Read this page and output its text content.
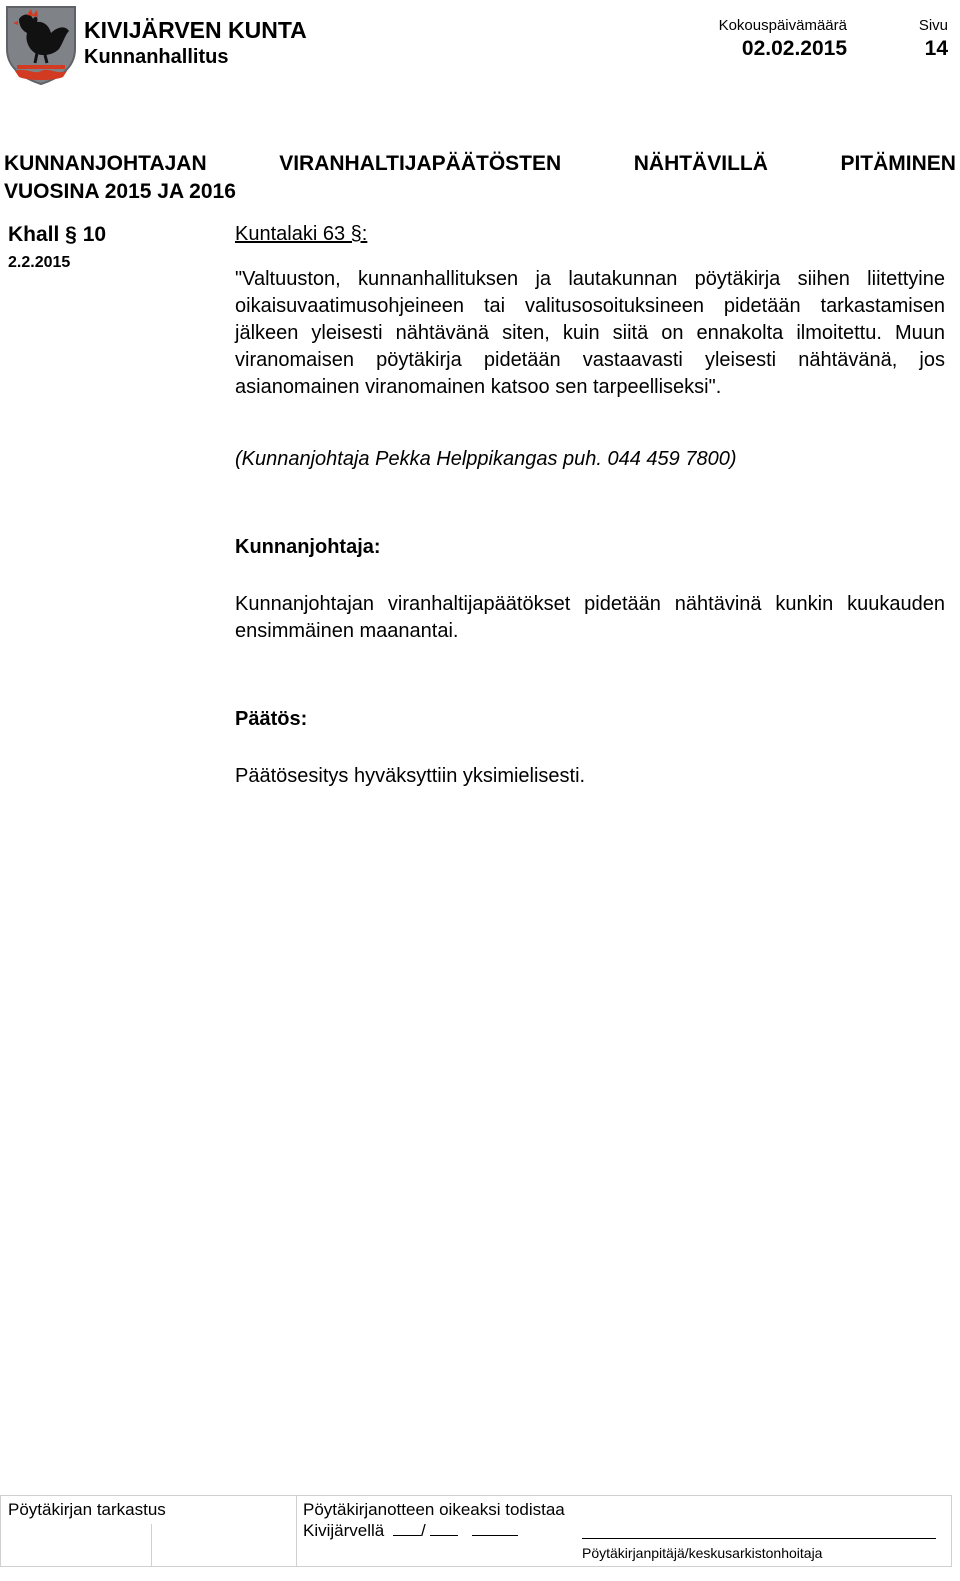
KIVIJÄRVEN KUNTA
Kunnanhallitus
Kokouspäivämäärä
02.02.2015
Sivu
14
KUNNANJOHTAJAN	VIRANHALTIJAPÄÄTÖSTEN	NÄHTÄVILLÄ	PITÄMINEN
VUOSINA 2015 JA 2016
Khall § 10
2.2.2015
Kuntalaki 63 §:
"Valtuuston, kunnanhallituksen ja lautakunnan pöytäkirja siihen liitettyine oikaisuvaatimusohjeineen tai valitusosoituksineen pidetään tarkastamisen jälkeen yleisesti nähtävänä siten, kuin siitä on ennakolta ilmoitettu. Muun viranomaisen pöytäkirja pidetään vastaavasti yleisesti nähtävänä, jos asianomainen viranomainen katsoo sen tarpeelliseksi".
(Kunnanjohtaja Pekka Helppikangas puh. 044 459 7800)
Kunnanjohtaja:
Kunnanjohtajan viranhaltijapäätökset pidetään nähtävinä kunkin kuukauden ensimmäinen maanantai.
Päätös:
Päätösesitys hyväksyttiin yksimielisesti.
Pöytäkirjan tarkastus	Pöytäkirjanotteen oikeaksi todistaa
Kivijärvellä /
Pöytäkirjanpitäjä/keskusarkistonhoitaja
